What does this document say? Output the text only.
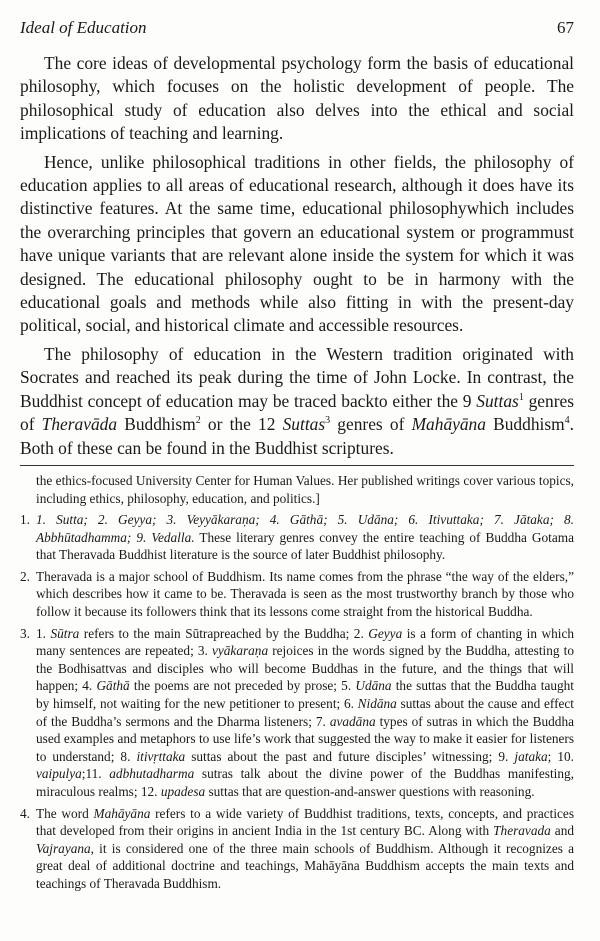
Ideal of Education	67

The core ideas of developmental psychology form the basis of educational philosophy, which focuses on the holistic development of people. The philosophical study of education also delves into the ethical and social implications of teaching and learning.

Hence, unlike philosophical traditions in other fields, the philosophy of education applies to all areas of educational research, although it does have its distinctive features. At the same time, educational philosophywhich includes the overarching principles that govern an educational system or programmust have unique variants that are relevant alone inside the system for which it was designed. The educational philosophy ought to be in harmony with the educational goals and methods while also fitting in with the present-day political, social, and historical climate and accessible resources.

The philosophy of education in the Western tradition originated with Socrates and reached its peak during the time of John Locke. In contrast, the Buddhist concept of education may be traced backto either the 9 Suttas$^1$ genres of Theravāda Buddhism$^2$ or the 12 Suttas$^3$ genres of Mahāyāna Buddhism$^4$. Both of these can be found in the Buddhist scriptures.

the ethics-focused University Center for Human Values. Her published writings cover various topics, including ethics, philosophy, education, and politics.]

1. 1. Sutta; 2. Geyya; 3. Veyyākaraṇa; 4. Gāthā; 5. Udāna; 6. Itivuttaka; 7. Jātaka; 8. Abbhūtadhamma; 9. Vedalla. These literary genres convey the entire teaching of Buddha Gotama that Theravada Buddhist literature is the source of later Buddhist philosophy.
2. Theravada is a major school of Buddhism. Its name comes from the phrase “the way of the elders,” which describes how it came to be. Theravada is seen as the most trustworthy branch by those who follow it because its followers think that its lessons come straight from the historical Buddha.
3. 1. Sūtra refers to the main Sūtrapreached by the Buddha; 2. Geyya is a form of chanting in which many sentences are repeated; 3. vyākaraṇa rejoices in the words signed by the Buddha, attesting to the Bodhisattvas and disciples who will become Buddhas in the future, and the things that will happen; 4. Gāthā the poems are not preceded by prose; 5. Udāna the suttas that the Buddha taught by himself, not waiting for the new petitioner to present; 6. Nidāna suttas about the cause and effect of the Buddha’s sermons and the Dharma listeners; 7. avadāna types of sutras in which the Buddha used examples and metaphors to use life’s work that suggested the way to make it easier for listeners to understand; 8. itivṛttaka suttas about the past and future disciples’ witnessing; 9. jataka; 10. vaipulya;11. adbhutadharma sutras talk about the divine power of the Buddhas manifesting, miraculous realms; 12. upadesa suttas that are question-and-answer questions with reasoning.
4. The word Mahāyāna refers to a wide variety of Buddhist traditions, texts, concepts, and practices that developed from their origins in ancient India in the 1st century BC. Along with Theravada and Vajrayana, it is considered one of the three main schools of Buddhism. Although it recognizes a great deal of additional doctrine and teachings, Mahāyāna Buddhism accepts the main texts and teachings of Theravada Buddhism.
